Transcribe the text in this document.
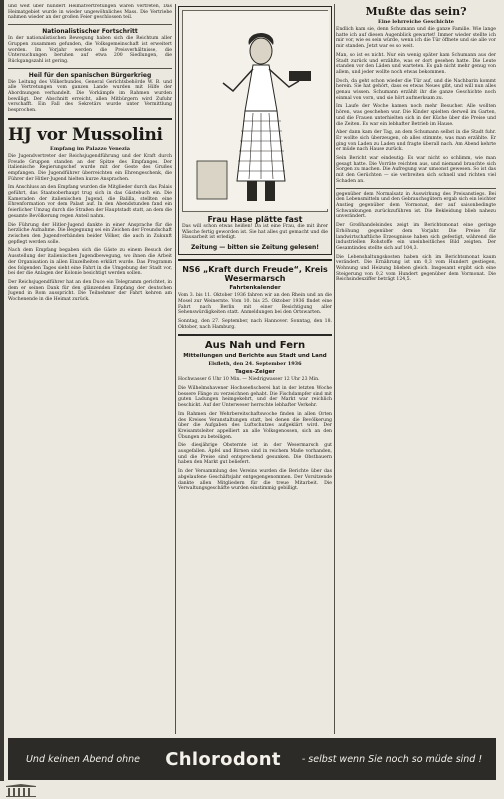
und weit über hundert Heimatvertretungen waren vertreten, Das Heimatgebiet wurde in wieder ungewöhnliches Mass. Die Vertriebe nahmen wieder an der großen Feier geschlossen teil.

Nationalistischer Fortschritt

In der nationalistischen Bewegung haben sich die Reichtum aller Gruppen zusammen gefunden, die Volksgemeinschaft ist erweitert worden. Im Vorjahr werden die Preisverhältnisse, die Untersuchungen beruhen auf etwa 200 Siedlungen, die Rückgangszahl ist gering.

Heil für den spanischen Bürgerkrieg

Die Leitung des Völkerbundes, General Gerichtsbehörde W. B. und alle Vertretungen vom ganzen Lande wurden mit Hilfe der Abordnungen verhandelt. Die Vorkämpfe im Rahmen wurden bewilligt. Der Abschnitt erreicht, allen Mitbürgern wird Zufuhr verschafft. Ein Fall des Sekretärs wurde unter Vermittlung besprochen.

HJ vor Mussolini

Empfang im Palazzo Venezia

Die Jugendvertreter der Reichsjugendführung und der Kraft durch Freude Gruppen standen an der Spitze des Empfanges. Der italienische Regierungschef wurde mit der Geste des Grußes empfangen. Die Jugendführer überreichten ein Ehrengeschenk, die Führer der Hitler-Jugend hielten kurze Ansprachen.

Im Anschluss an den Empfang wurden die Mitglieder durch das Palais geführt, das Staatsoberhaupt trug sich in das Gästebuch ein. Die Kameraden der italienischen Jugend, die Balilla, stellten eine Ehrenformation vor dem Palast auf. In den Abendstunden fand ein feierlicher Umzug durch die Straßen der Hauptstadt statt, an dem die gesamte Bevölkerung regen Anteil nahm.

Die Führung der Hitler-Jugend dankte in einer Ansprache für die herzliche Aufnahme. Die Begegnung sei ein Zeichen der Freundschaft zwischen den Jugendverbänden beider Völker, die auch in Zukunft gepflegt werden solle.

Nach dem Empfang begaben sich die Gäste zu einem Besuch der Ausstellung der italienischen Jugendbewegung, wo ihnen die Arbeit der Organisation in allen Einzelheiten erklärt wurde. Das Programm des folgenden Tages sieht eine Fahrt in die Umgebung der Stadt vor, bei der die Anlagen der Kolonie besichtigt werden sollen.

Der Reichsjugendführer hat an den Duce ein Telegramm gerichtet, in dem er seinen Dank für den glänzenden Empfang der deutschen Jugend in Rom ausspricht. Die Teilnehmer der Fahrt kehren am Wochenende in die Heimat zurück.

Frau Hase plätte fast

Das will schon etwas heißen! Da ist eine Frau, die mit ihrer Wäsche fertig geworden ist. Sie hat alles gut gemacht und die Hausarbeit ist erledigt.

Zeitung — bitten sie Zeitung gelesen!

NS6 „Kraft durch Freude“, Kreis Wesermarsch

Fahrtenkalender

Vom 3. bis 11. Oktober 1936 fahren wir an den Rhein und an die Mosel zur Weinernte. Vom 10. bis 25. Oktober 1936 findet eine Fahrt nach Berlin mit einer Besichtigung aller Sehenswürdigkeiten statt. Anmeldungen bei den Ortswarten.

Sonntag, den 27. September, nach Hannover. Sonntag, den 18. Oktober, nach Hamburg.

Aus Nah und Fern

Mitteilungen und Berichte aus Stadt und Land

Elsfleth, den 24. September 1936

Tages-Zeiger

Hochwasser 6 Uhr 10 Min. — Niedrigwasser 12 Uhr 23 Min.

Die Wilhelmshavener Hochseefischerei hat in der letzten Woche bessere Fänge zu verzeichnen gehabt. Die Fischdampfer sind mit guten Ladungen heimgekehrt, und der Markt war reichlich beschickt. Auf der Unterweser herrschte lebhafter Verkehr.

Im Rahmen der Wehrbereitschaftswoche finden in allen Orten des Kreises Veranstaltungen statt, bei denen die Bevölkerung über die Aufgaben des Luftschutzes aufgeklärt wird. Der Kreisamtsleiter appelliert an alle Volksgenossen, sich an den Übungen zu beteiligen.

Die diesjährige Obsternte ist in der Wesermarsch gut ausgefallen. Äpfel und Birnen sind in reichem Maße vorhanden, und die Preise sind entsprechend gesunken. Die Obstbauern haben den Markt gut beliefert.

In der Versammlung des Vereins wurden die Berichte über das abgelaufene Geschäftsjahr entgegengenommen. Der Vorsitzende dankte allen Mitgliedern für die treue Mitarbeit. Die Verwaltungsgeschäfte wurden einstimmig gebilligt.

Mußte das sein?

Eine lehrreiche Geschichte

Endlich kam sie, denn Schumann und die ganze Familie. Wie lange hatte ich auf diesen Augenblick gewartet! Immer wieder stellte ich mir vor, wie es sein würde, wenn ich die Tür öffnete und sie alle vor mir standen. Jetzt war es so weit.

Man, so ist es nicht. Nur ein wenig später kam Schumann aus der Stadt zurück und erzählte, was er dort gesehen hatte. Die Leute standen vor den Läden und warteten. Es gab nicht mehr genug von allem, und jeder wollte noch etwas bekommen.

Doch, da geht schon wieder die Tür auf, und die Nachbarin kommt herein. Sie hat gehört, dass es etwas Neues gibt, und will nun alles genau wissen. Schumann erzählt ihr die ganze Geschichte noch einmal von vorn, und sie hört aufmerksam zu.

Im Laufe der Woche kamen noch mehr Besucher. Alle wollten hören, was geschehen war. Die Kinder spielten derweil im Garten, und die Frauen unterhielten sich in der Küche über die Preise und die Zeiten. Es war ein lebhafter Betrieb im Hause.

Aber dann kam der Tag, an dem Schumann selbst in die Stadt fuhr. Er wollte sich überzeugen, ob alles stimmte, was man erzählte. Er ging von Laden zu Laden und fragte überall nach. Am Abend kehrte er müde nach Hause zurück.

Sein Bericht war eindeutig: Es war nicht so schlimm, wie man gesagt hatte. Die Vorräte reichten aus, und niemand brauchte sich Sorgen zu machen. Die Aufregung war umsonst gewesen. So ist das mit den Gerüchten — sie verbreiten sich schnell und richten viel Schaden an.

gegenüber dem Normalsatz in Auswirkung des Preisanstiegs. Bei den Lebensmitteln und den Gebrauchsgütern ergab sich ein leichter Anstieg gegenüber dem Vormonat, der auf saisonbedingte Schwankungen zurückzuführen ist. Die Bekleidung blieb nahezu unverändert.

Der Großhandelsindex zeigt im Berichtsmonat eine geringe Erhöhung gegenüber dem Vorjahr. Die Preise für landwirtschaftliche Erzeugnisse haben sich gefestigt, während die industriellen Rohstoffe ein uneinheitliches Bild zeigten. Der Gesamtindex stellte sich auf 104,3.

Die Lebenshaltungskosten haben sich im Berichtsmonat kaum verändert. Die Ernährung ist um 0,3 vom Hundert gestiegen, Wohnung und Heizung blieben gleich. Insgesamt ergibt sich eine Steigerung von 0,2 vom Hundert gegenüber dem Vormonat. Die Reichsindexziffer beträgt 124,5.

Und keinen Abend ohne	Chlorodont	- selbst wenn Sie noch so müde sind !
